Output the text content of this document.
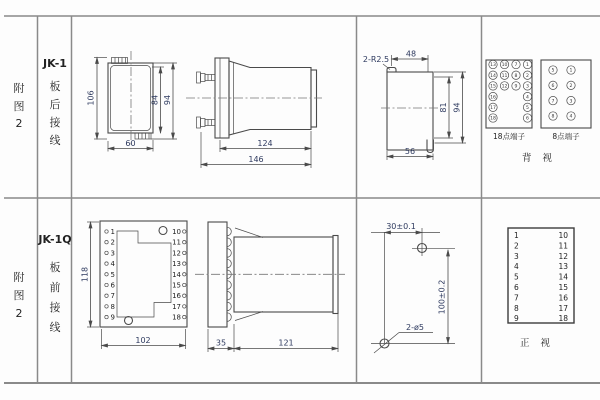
附
图
2
JK-1
板
后
接
线
106	84 94
60	124
146
2-R2.5
48
81 94
56
13 10 7 1
14 11 8 2
15 12 9 3
16	4
17	5
18	6
18点端子
5	1
6	2
7	3
8	4
8点端子
背 视
附
图
2
JK-1Q
板
前
接
线
1
2
3
4
5
6
7
8
9
10
11
12
13
14
15
16
17
18
118
102	35	121
30±0.1
100±0.2
2-ø5
1	10
2	11
3	12
4	13
5	14
6	15
7	16
8	17
9	18
正 视
